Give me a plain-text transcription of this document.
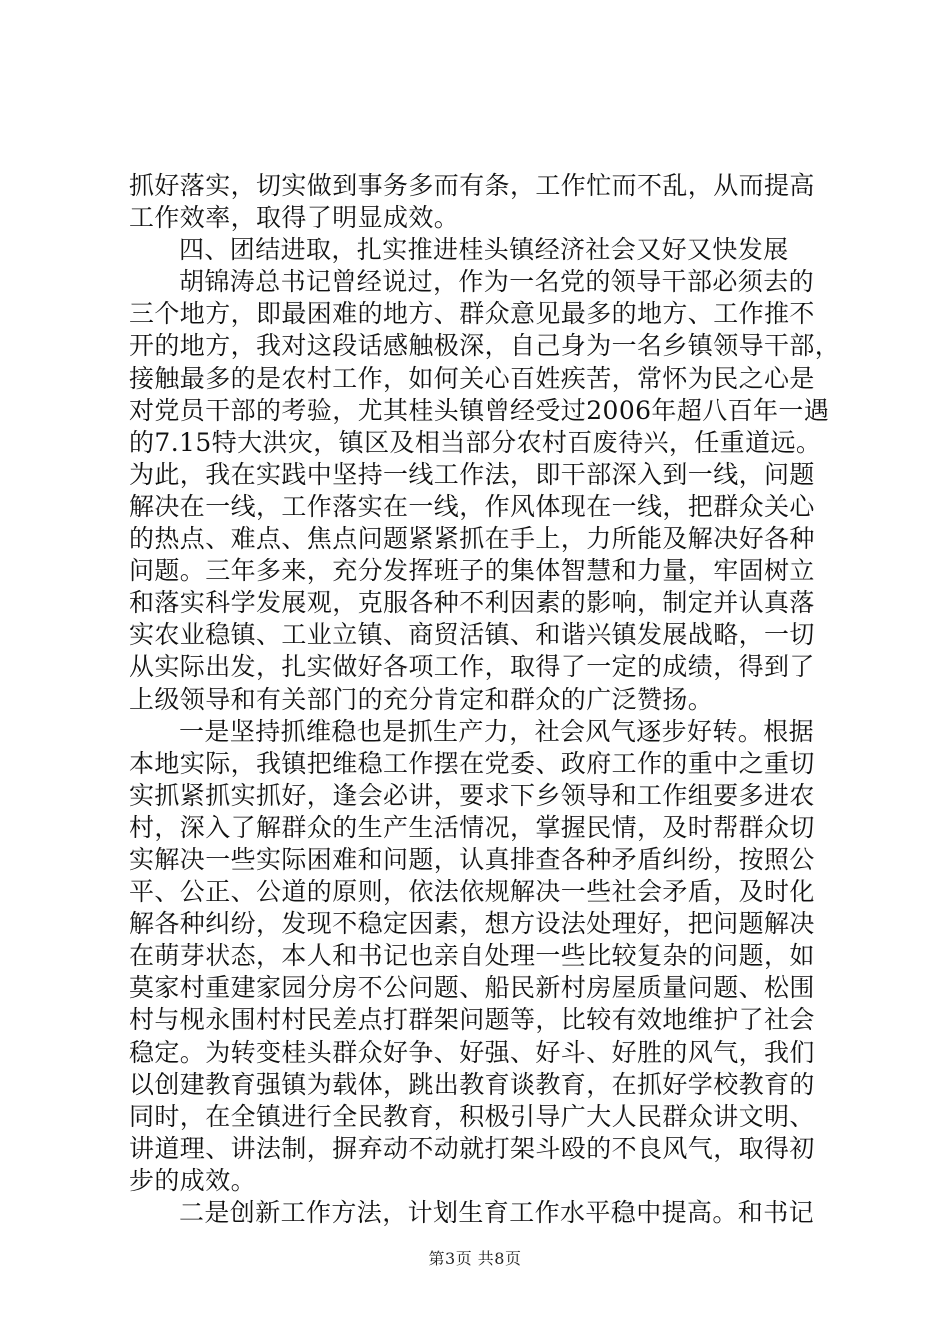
抓好落实，切实做到事务多而有条，工作忙而不乱，从而提高
工作效率，取得了明显成效。
四、团结进取，扎实推进桂头镇经济社会又好又快发展
胡锦涛总书记曾经说过，作为一名党的领导干部必须去的
三个地方，即最困难的地方、群众意见最多的地方、工作推不
开的地方，我对这段话感触极深，自己身为一名乡镇领导干部，
接触最多的是农村工作，如何关心百姓疾苦，常怀为民之心是
对党员干部的考验，尤其桂头镇曾经受过2006年超八百年一遇
的7.15特大洪灾，镇区及相当部分农村百废待兴，任重道远。
为此，我在实践中坚持一线工作法，即干部深入到一线，问题
解决在一线，工作落实在一线，作风体现在一线，把群众关心
的热点、难点、焦点问题紧紧抓在手上，力所能及解决好各种
问题。三年多来，充分发挥班子的集体智慧和力量，牢固树立
和落实科学发展观，克服各种不利因素的影响，制定并认真落
实农业稳镇、工业立镇、商贸活镇、和谐兴镇发展战略，一切
从实际出发，扎实做好各项工作，取得了一定的成绩，得到了
上级领导和有关部门的充分肯定和群众的广泛赞扬。
一是坚持抓维稳也是抓生产力，社会风气逐步好转。根据
本地实际，我镇把维稳工作摆在党委、政府工作的重中之重切
实抓紧抓实抓好，逢会必讲，要求下乡领导和工作组要多进农
村，深入了解群众的生产生活情况，掌握民情，及时帮群众切
实解决一些实际困难和问题，认真排查各种矛盾纠纷，按照公
平、公正、公道的原则，依法依规解决一些社会矛盾，及时化
解各种纠纷，发现不稳定因素，想方设法处理好，把问题解决
在萌芽状态，本人和书记也亲自处理一些比较复杂的问题，如
莫家村重建家园分房不公问题、船民新村房屋质量问题、松围
村与枧永围村村民差点打群架问题等，比较有效地维护了社会
稳定。为转变桂头群众好争、好强、好斗、好胜的风气，我们
以创建教育强镇为载体，跳出教育谈教育，在抓好学校教育的
同时，在全镇进行全民教育，积极引导广大人民群众讲文明、
讲道理、讲法制，摒弃动不动就打架斗殴的不良风气，取得初
步的成效。
二是创新工作方法，计划生育工作水平稳中提高。和书记
第3页 共8页
